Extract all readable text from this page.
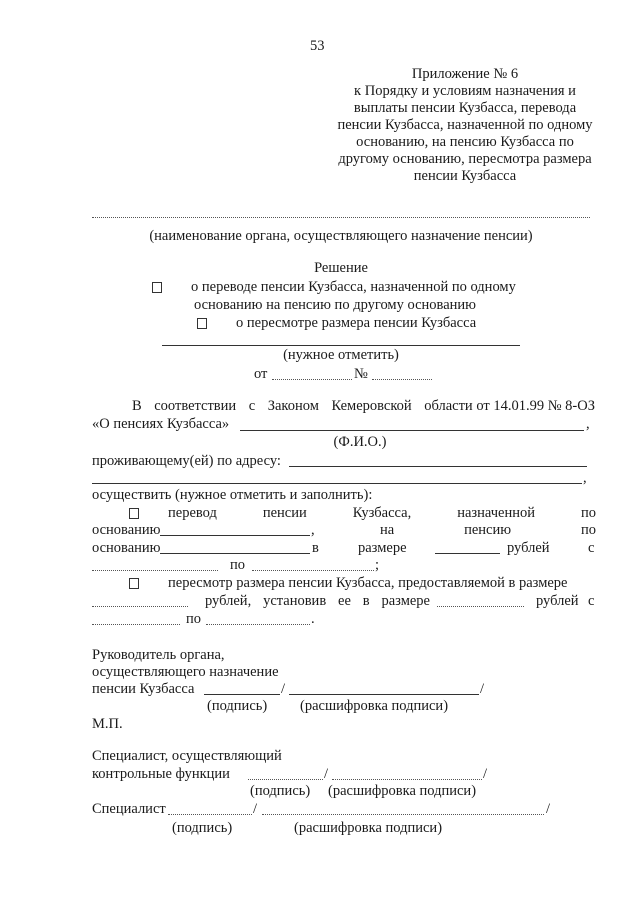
53
Приложение № 6
к Порядку и условиям назначения и
выплаты пенсии Кузбасса, перевода
пенсии Кузбасса, назначенной по одному
основанию, на пенсию Кузбасса по
другому основанию, пересмотра размера
пенсии Кузбасса
(наименование органа, осуществляющего назначение пенсии)
Решение
о переводе пенсии Кузбасса, назначенной по одному
основанию на пенсию по другому основанию
о пересмотре размера пенсии Кузбасса
(нужное отметить)
от	№
В соответствии с Законом Кемеровской области от 14.01.99 № 8-ОЗ
«О пенсиях Кузбасса»	,
(Ф.И.О.)
проживающему(ей) по адресу:
,
осуществить (нужное отметить и заполнить):
перевод	пенсии	Кузбасса,	назначенной	по
основанию	,	на	пенсию	по
основанию	в	размере	рублей	с
по	;
пересмотр размера пенсии Кузбасса, предоставляемой в размере
рублей, установив ее в размере	рублей с
по	.
Руководитель органа,
осуществляющего назначение
пенсии Кузбасса	/	/
(подпись) (расшифровка подписи)
М.П.
Специалист, осуществляющий
контрольные функции	/	/
(подпись) (расшифровка подписи)
Специалист	/	/
(подпись)	(расшифровка подписи)
